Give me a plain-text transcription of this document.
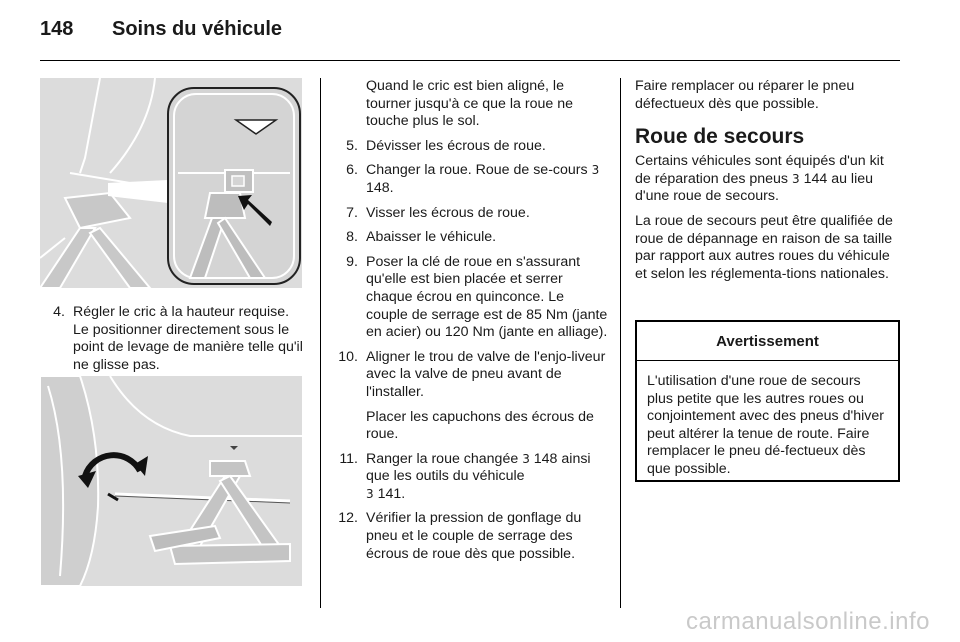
148 Soins du véhicule
4. Régler le cric à la hauteur requise. Le positionner directement sous le point de levage de manière telle qu'il ne glisse pas.

Quand le cric est bien aligné, le tourner jusqu'à ce que la roue ne touche plus le sol.

5. Dévisser les écrous de roue.
6. Changer la roue. Roue de se-cours 3 148.
7. Visser les écrous de roue.
8. Abaisser le véhicule.
9. Poser la clé de roue en s'assurant qu'elle est bien placée et serrer chaque écrou en quinconce. Le couple de serrage est de 85 Nm (jante en acier) ou 120 Nm (jante en alliage).
10. Aligner le trou de valve de l'enjo-liveur avec la valve de pneu avant de l'installer.
Placer les capuchons des écrous de roue.
11. Ranger la roue changée 3 148 ainsi que les outils du véhicule
3 141.
12. Vérifier la pression de gonflage du pneu et le couple de serrage des écrous de roue dès que possible.

Faire remplacer ou réparer le pneu défectueux dès que possible.

Roue de secours

Certains véhicules sont équipés d'un kit de réparation des pneus 3 144 au lieu d'une roue de secours.

La roue de secours peut être qualifiée de roue de dépannage en raison de sa taille par rapport aux autres roues du véhicule et selon les réglementa-tions nationales.

Avertissement
L'utilisation d'une roue de secours plus petite que les autres roues ou conjointement avec des pneus d'hiver peut altérer la tenue de route. Faire remplacer le pneu dé-fectueux dès que possible.
carmanualsonline.info
